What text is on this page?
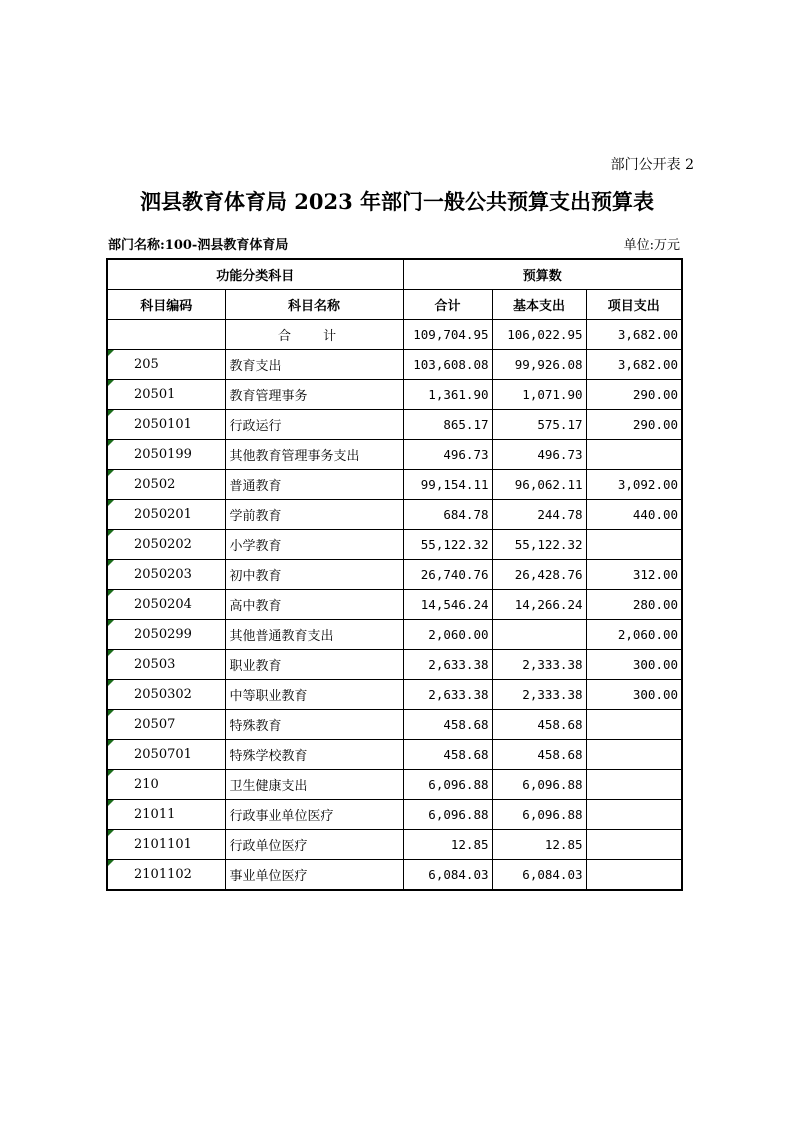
部门公开表 2
泗县教育体育局 2023 年部门一般公共预算支出预算表
部门名称:100-泗县教育体育局	单位:万元
功能分类科目		预算数		
科目编码	科目名称	合计	基本支出	项目支出
	合 计	109,704.95	106,022.95	3,682.00

205	教育支出	103,608.08	99,926.08	3,682.00

20501	教育管理事务	1,361.90	1,071.90	290.00

2050101	行政运行	865.17	575.17	290.00

2050199	其他教育管理事务支出	496.73	496.73	

20502	普通教育	99,154.11	96,062.11	3,092.00

2050201	学前教育	684.78	244.78	440.00

2050202	小学教育	55,122.32	55,122.32	

2050203	初中教育	26,740.76	26,428.76	312.00

2050204	高中教育	14,546.24	14,266.24	280.00

2050299	其他普通教育支出	2,060.00		2,060.00

20503	职业教育	2,633.38	2,333.38	300.00

2050302	中等职业教育	2,633.38	2,333.38	300.00

20507	特殊教育	458.68	458.68	

2050701	特殊学校教育	458.68	458.68	

210	卫生健康支出	6,096.88	6,096.88	

21011	行政事业单位医疗	6,096.88	6,096.88	

2101101	行政单位医疗	12.85	12.85	

2101102	事业单位医疗	6,084.03	6,084.03	
